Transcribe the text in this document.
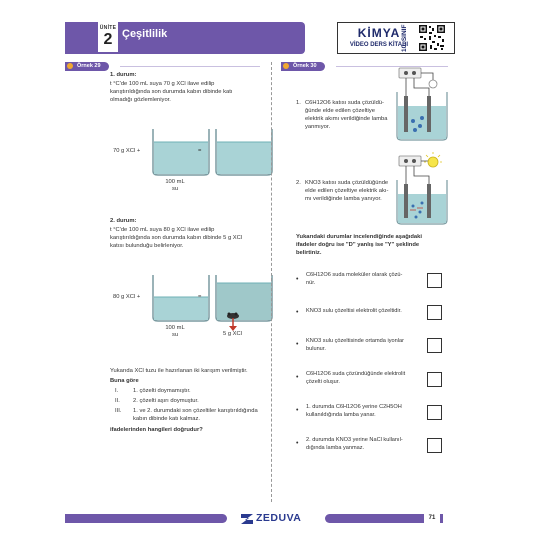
ÜNİTE
2 Çeşitlilik	KİMYA
VİDEO DERS KİTABI
10. SINIF
Örnek 29
1. durum:
t °C'de 100 mL suya 70 g XCl ilave edilip
karıştırıldığında son durumda kabın dibinde katı
olmadığı gözlemleniyor.
70 g XCl +	=
100 mL
su
2. durum:
t °C'de 100 mL suya 80 g XCl ilave edilip
karıştırıldığında son durumda kabın dibinde 5 g XCl
katısı bulunduğu belirleniyor.
80 g XCl +	=
100 mL
su	5 g XCl
Yukarıda XCl tuzu ile hazırlanan iki karışım verilmiştir.
Buna göre
I.	1. çözelti doymamıştır.
II. 2. çözelti aşırı doymuştur.
III. 1. ve 2. durumdaki son çözeltiler karıştırıldığında
kabın dibinde katı kalmaz.
ifadelerinden hangileri doğrudur?
Örnek 30
1. C6H12O6 katısı suda çözüldü-
ğünde elde edilen çözeltiye
elektrik akımı verildiğinde lamba
yanmıyor.
2. KNO3 katısı suda çözüldüğünde
elde edilen çözeltiye elektrik akı-
mı verildiğinde lamba yanıyor.
Yukarıdaki durumlar incelendiğinde aşağıdaki
ifadeler doğru ise "D" yanlış ise "Y" şeklinde
belirtiniz.
•
C6H12O6 suda moleküler olarak çözü-
nür.
• KNO3 sulu çözeltisi elektrolit çözeltidir.
• KNO3 sulu çözeltisinde ortamda iyonlar
bulunur.
• C6H12O6 suda çözündüğünde elektrolit
çözelti oluşur.
• 1. durumda C6H12O6 yerine C2H5OH
kullanıldığında lamba yanar.
• 2. durumda KNO3 yerine NaCl kullanıl-
dığında lamba yanmaz.
ZEDUVA	71
